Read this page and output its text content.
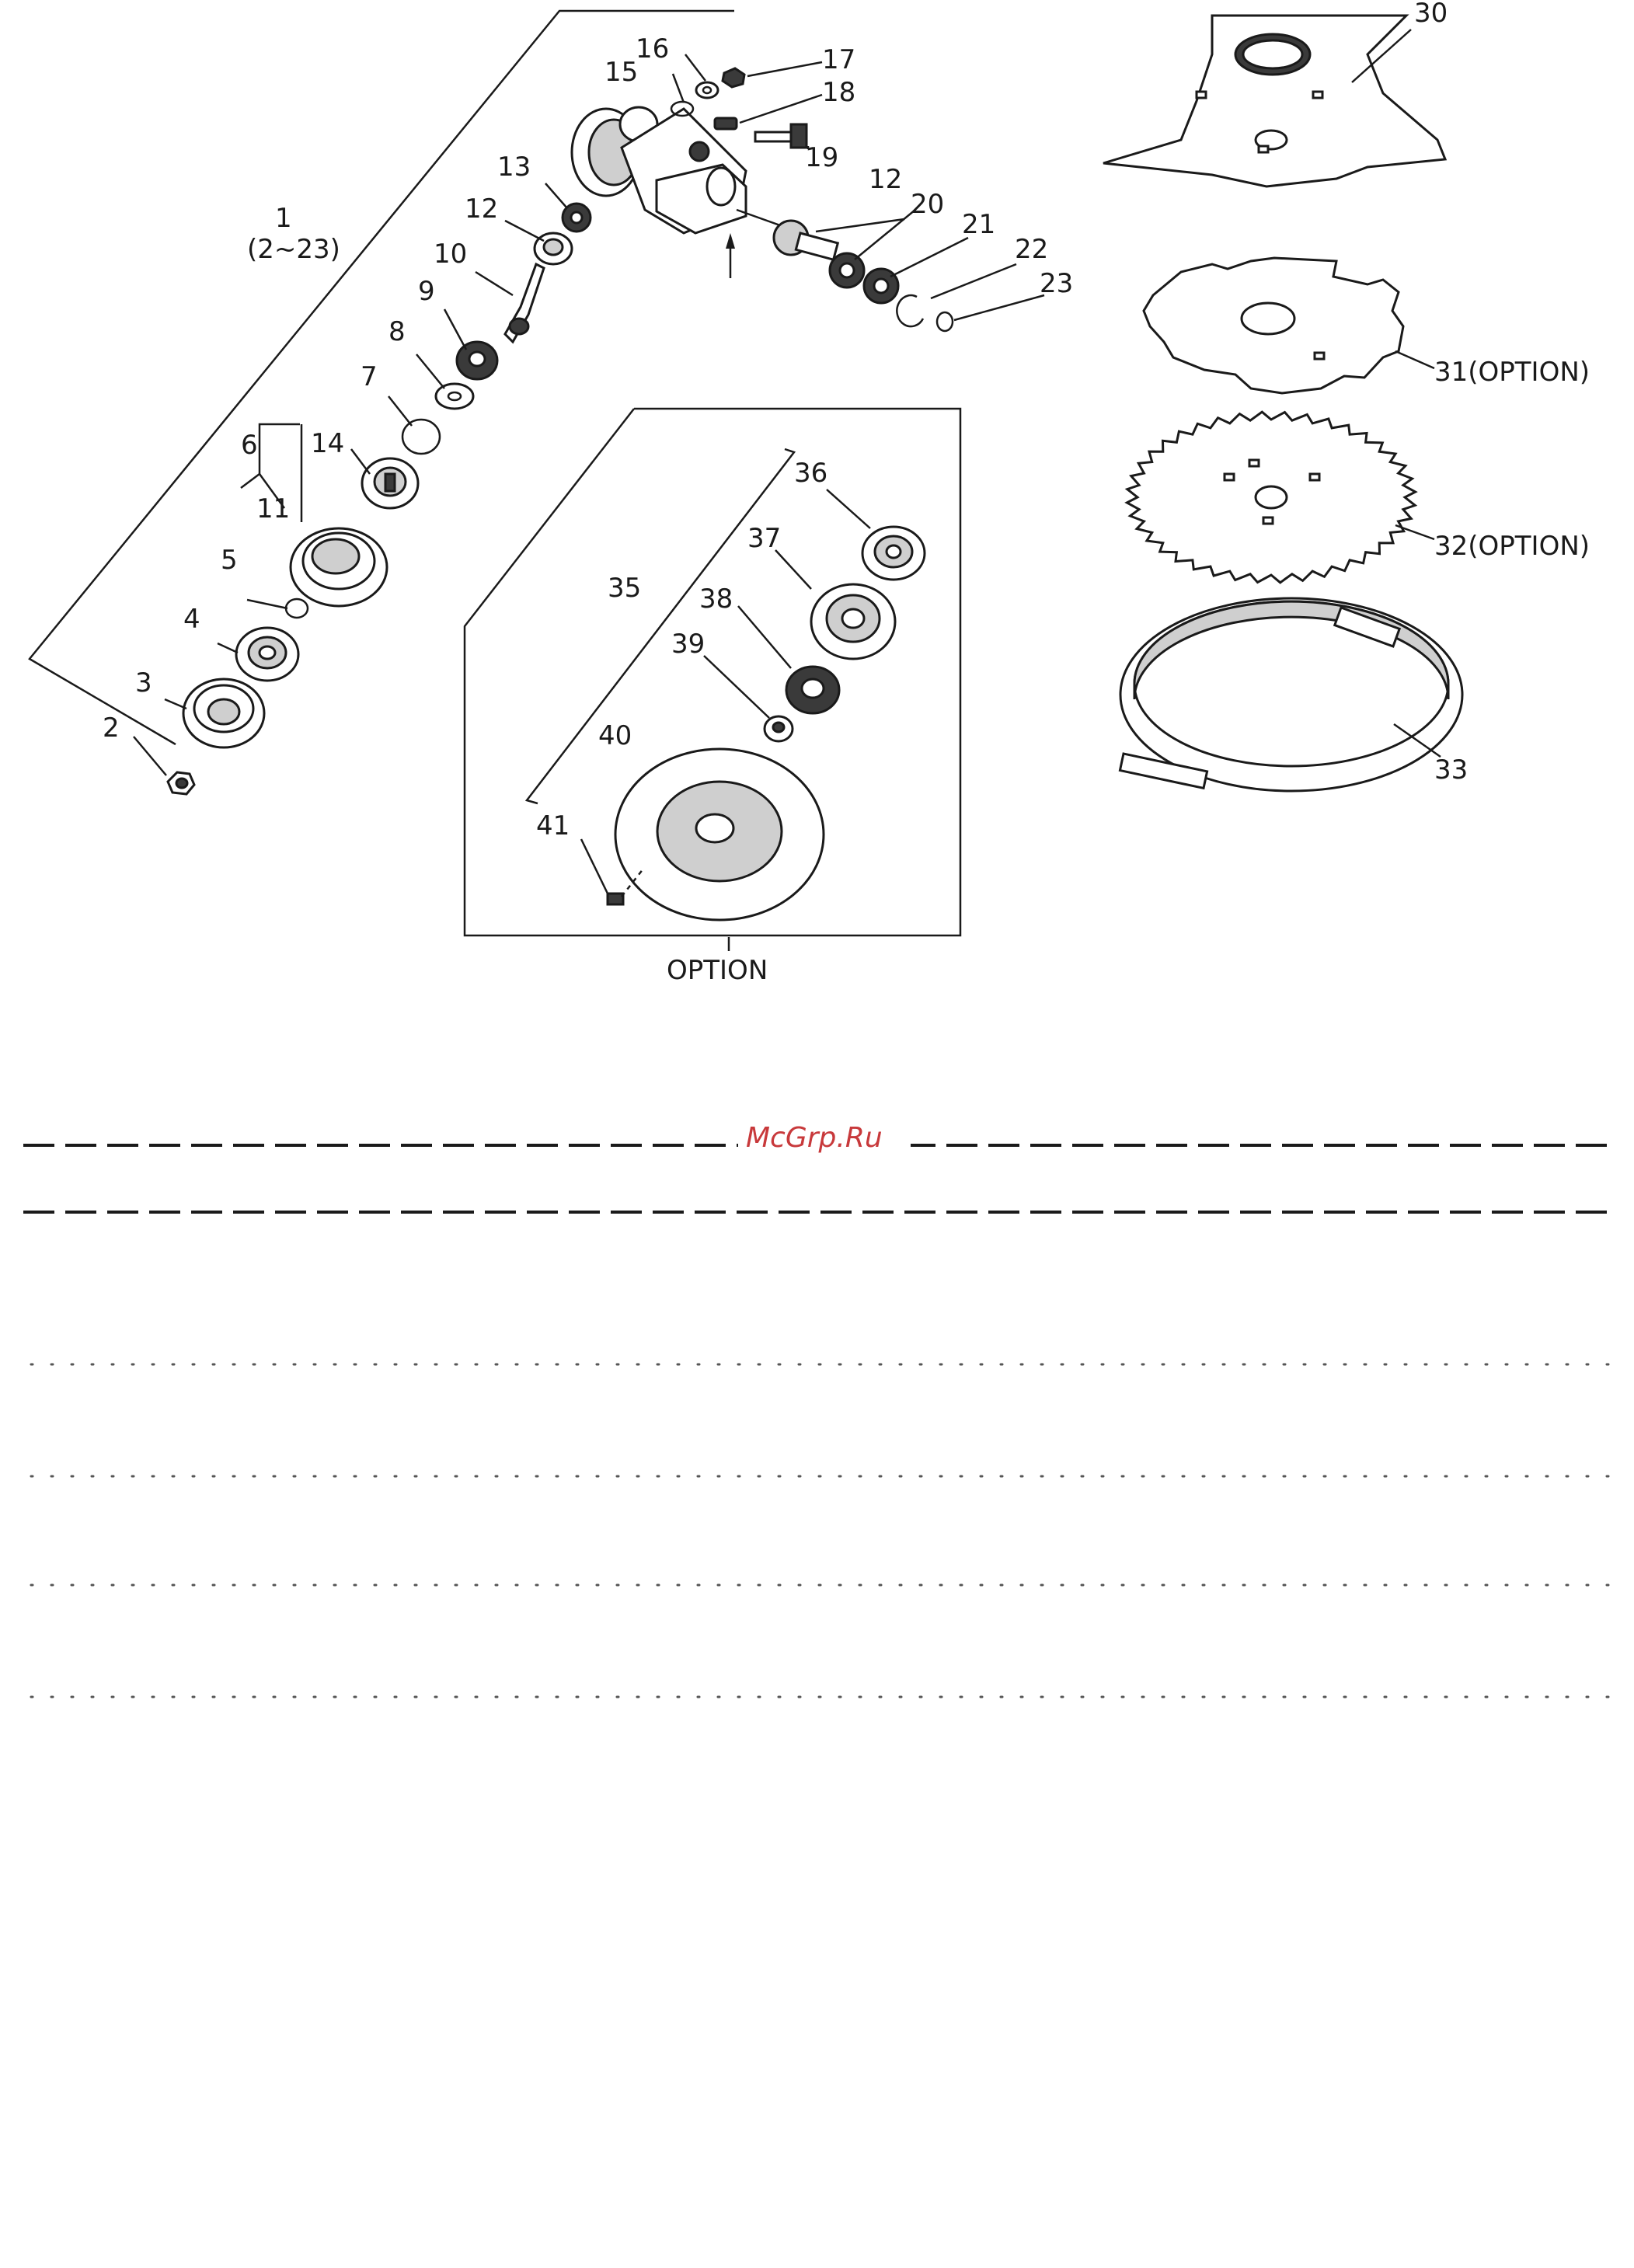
1
(2~23)
2
3
4
5
6
7
8
9
10
11
12
13
14
15
16	17
18
19
12
20
21
22
23
30
31(OPTION)
32(OPTION)
33
35
36
37
38
39
40
41
OPTION
McGrp.Ru
